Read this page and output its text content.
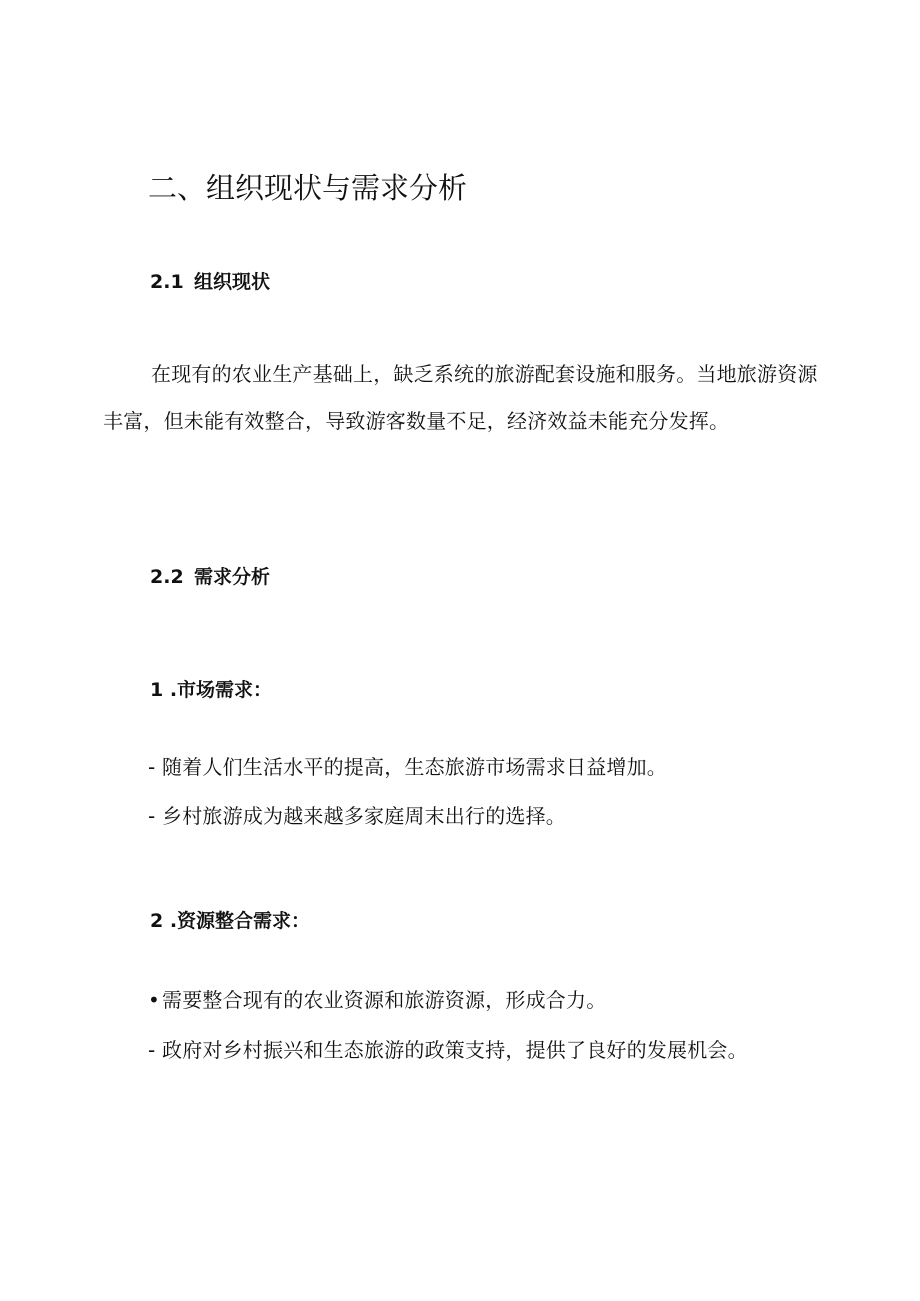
二、组织现状与需求分析
2.1 组织现状

在现有的农业生产基础上，缺乏系统的旅游配套设施和服务。当地旅游资源丰富，但未能有效整合，导致游客数量不足，经济效益未能充分发挥。

2.2 需求分析
1 .市场需求：

- 随着人们生活水平的提高，生态旅游市场需求日益增加。

- 乡村旅游成为越来越多家庭周末出行的选择。

2 .资源整合需求：

• 需要整合现有的农业资源和旅游资源，形成合力。

- 政府对乡村振兴和生态旅游的政策支持，提供了良好的发展机会。
